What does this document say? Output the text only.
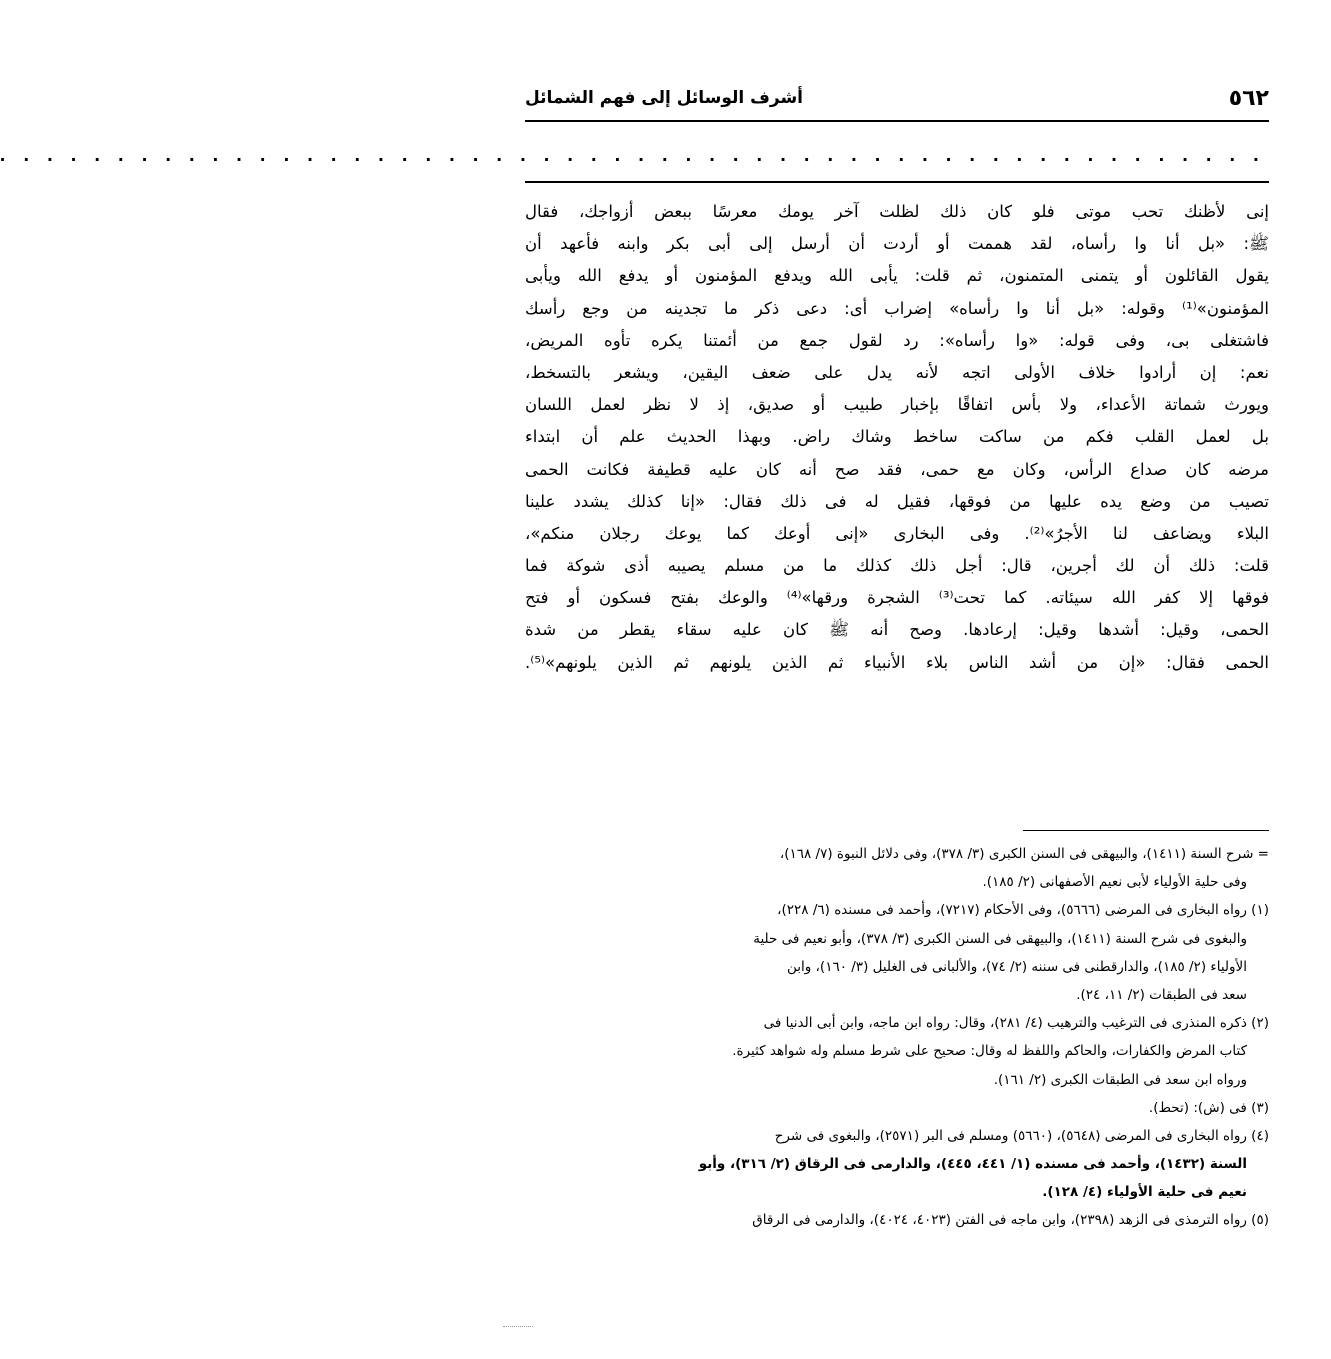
٥٦٢
أشرف الوسائل إلى فهم الشمائل
. . . . . . . . . . . . . . . . . . . . . . . . . . . . . . . . . . . . . . . . . . . . . . . . . . . . . .
إنى لأظنك تحب موتى فلو كان ذلك لظلت آخر يومك معرسًا ببعض أزواجك، فقال
ﷺ: «بل أنا وا رأساه، لقد هممت أو أردت أن أرسل إلى أبى بكر وابنه فأعهد أن
يقول القائلون أو يتمنى المتمنون، ثم قلت: يأبى الله ويدفع المؤمنون أو يدفع الله ويأبى
المؤمنون»⁽¹⁾ وقوله: «بل أنا وا رأساه» إضراب أى: دعى ذكر ما تجدينه من وجع رأسك
فاشتغلى بى، وفى قوله: «وا رأساه»: رد لقول جمع من أئمتنا يكره تأوه المريض،
نعم: إن أرادوا خلاف الأولى اتجه لأنه يدل على ضعف اليقين، ويشعر بالتسخط،
ويورث شماتة الأعداء، ولا بأس اتفاقًا بإخبار طبيب أو صديق، إذ لا نظر لعمل اللسان
بل لعمل القلب فكم من ساكت ساخط وشاك راض. وبهذا الحديث علم أن ابتداء
مرضه كان صداع الرأس، وكان مع حمى، فقد صح أنه كان عليه قطيفة فكانت الحمى
تصيب من وضع يده عليها من فوقها، فقيل له فى ذلك فقال: «إنا كذلك يشدد علينا
البلاء ويضاعف لنا الأجرُ»⁽²⁾. وفى البخارى «إنى أوعك كما يوعك رجلان منكم»،
قلت: ذلك أن لك أجرين، قال: أجل ذلك كذلك ما من مسلم يصيبه أذى شوكة فما
فوقها إلا كفر الله سيئاته. كما تحت⁽³⁾ الشجرة ورقها»⁽⁴⁾ والوعك بفتح فسكون أو فتح
الحمى، وقيل: أشدها وقيل: إرعادها. وصح أنه ﷺ كان عليه سقاء يقطر من شدة
الحمى فقال: «إن من أشد الناس بلاء الأنبياء ثم الذين يلونهم ثم الذين يلونهم»⁽⁵⁾.
= شرح السنة (١٤١١)، والبيهقى فى السنن الكبرى (٣/ ٣٧٨)، وفى دلائل النبوة (٧/ ١٦٨)،
وفى حلية الأولياء لأبى نعيم الأصفهانى (٢/ ١٨٥).
(١) رواه البخارى فى المرضى (٥٦٦٦)، وفى الأحكام (٧٢١٧)، وأحمد فى مسنده (٦/ ٢٢٨)،
والبغوى فى شرح السنة (١٤١١)، والبيهقى فى السنن الكبرى (٣/ ٣٧٨)، وأبو نعيم فى حلية
الأولياء (٢/ ١٨٥)، والدارقطنى فى سننه (٢/ ٧٤)، والألبانى فى الغليل (٣/ ١٦٠)، وابن
سعد فى الطبقات (٢/ ١١، ٢٤).
(٢) ذكره المنذرى فى الترغيب والترهيب (٤/ ٢٨١)، وقال: رواه ابن ماجه، وابن أبى الدنيا فى
كتاب المرض والكفارات، والحاكم واللفظ له وقال: صحيح على شرط مسلم وله شواهد كثيرة.
ورواه ابن سعد فى الطبقات الكبرى (٢/ ١٦١).
(٣) فى (ش): (تحط).
(٤) رواه البخارى فى المرضى (٥٦٤٨)، (٥٦٦٠) ومسلم فى البر (٢٥٧١)، والبغوى فى شرح
السنة (١٤٣٢)، وأحمد فى مسنده (١/ ٤٤١، ٤٤٥)، والدارمى فى الرقاق (٢/ ٣١٦)، وأبو
نعيم فى حلية الأولياء (٤/ ١٢٨).
(٥) رواه الترمذى فى الزهد (٢٣٩٨)، وابن ماجه فى الفتن (٤٠٢٣، ٤٠٢٤)، والدارمى فى الرقاق
